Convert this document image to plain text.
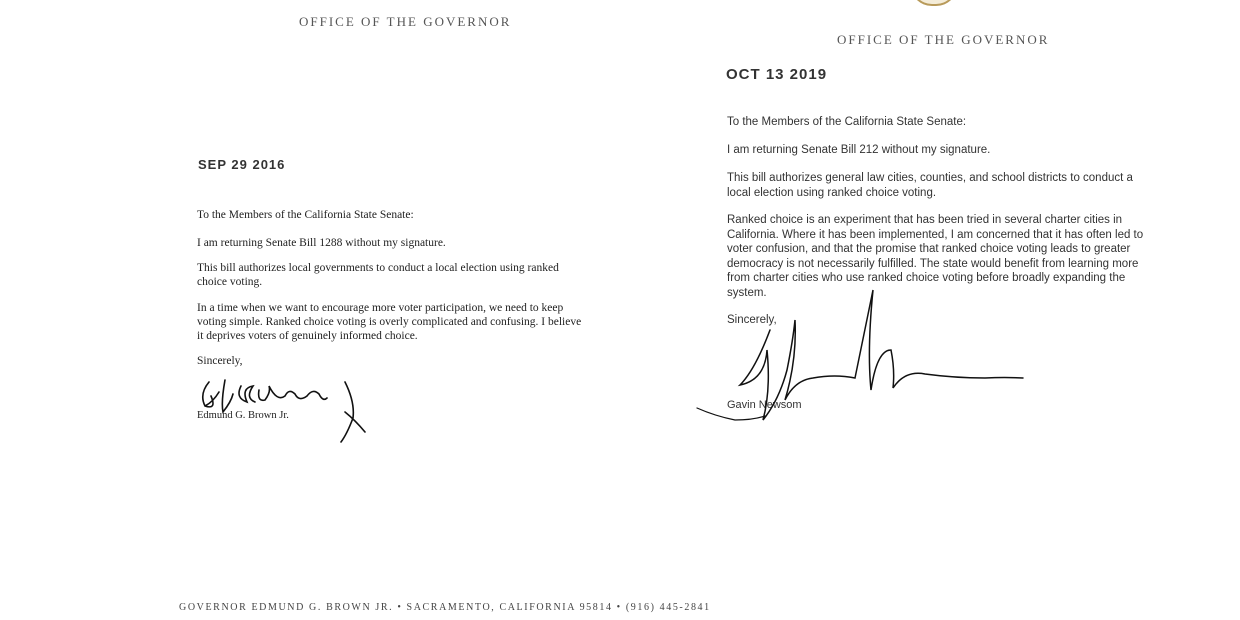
OFFICE OF THE GOVERNOR
SEP 29 2016

To the Members of the California State Senate:

I am returning Senate Bill 1288 without my signature.

This bill authorizes local governments to conduct a local election using ranked choice voting.

In a time when we want to encourage more voter participation, we need to keep voting simple. Ranked choice voting is overly complicated and confusing. I believe it deprives voters of genuinely informed choice.

Sincerely,

Edmund G. Brown Jr.

GOVERNOR EDMUND G. BROWN JR. • SACRAMENTO, CALIFORNIA 95814 • (916) 445-2841
OFFICE OF THE GOVERNOR
OCT 13 2019

To the Members of the California State Senate:

I am returning Senate Bill 212 without my signature.

This bill authorizes general law cities, counties, and school districts to conduct a local election using ranked choice voting.

Ranked choice is an experiment that has been tried in several charter cities in California. Where it has been implemented, I am concerned that it has often led to voter confusion, and that the promise that ranked choice voting leads to greater democracy is not necessarily fulfilled. The state would benefit from learning more from charter cities who use ranked choice voting before broadly expanding the system.

Sincerely,

Gavin Newsom
